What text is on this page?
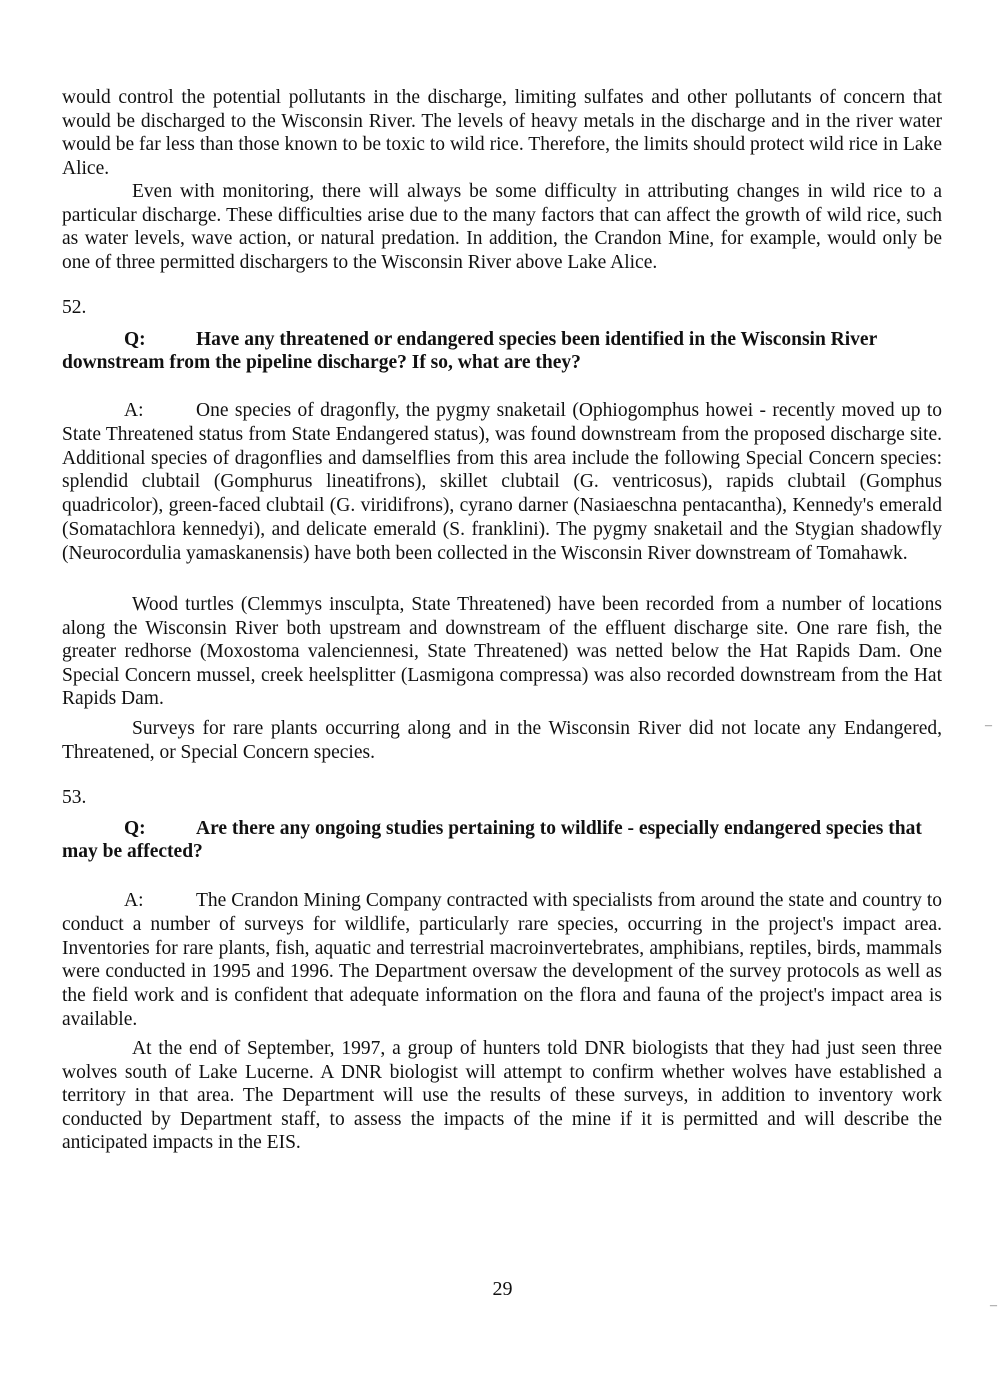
would control the potential pollutants in the discharge, limiting sulfates and other pollutants of concern that would be discharged to the Wisconsin River. The levels of heavy metals in the discharge and in the river water would be far less than those known to be toxic to wild rice. Therefore, the limits should protect wild rice in Lake Alice.

Even with monitoring, there will always be some difficulty in attributing changes in wild rice to a particular discharge. These difficulties arise due to the many factors that can affect the growth of wild rice, such as water levels, wave action, or natural predation. In addition, the Crandon Mine, for example, would only be one of three permitted dischargers to the Wisconsin River above Lake Alice.

52.

Q:	Have any threatened or endangered species been identified in the Wisconsin River downstream from the pipeline discharge? If so, what are they?
A:	One species of dragonfly, the pygmy snaketail (Ophiogomphus howei - recently moved up to State Threatened status from State Endangered status), was found downstream from the proposed discharge site. Additional species of dragonflies and damselflies from this area include the following Special Concern species: splendid clubtail (Gomphurus lineatifrons), skillet clubtail (G. ventricosus), rapids clubtail (Gomphus quadricolor), green-faced clubtail (G. viridifrons), cyrano darner (Nasiaeschna pentacantha), Kennedy's emerald (Somatachlora kennedyi), and delicate emerald (S. franklini). The pygmy snaketail and the Stygian shadowfly (Neurocordulia yamaskanensis) have both been collected in the Wisconsin River downstream of Tomahawk.

Wood turtles (Clemmys insculpta, State Threatened) have been recorded from a number of locations along the Wisconsin River both upstream and downstream of the effluent discharge site. One rare fish, the greater redhorse (Moxostoma valenciennesi, State Threatened) was netted below the Hat Rapids Dam. One Special Concern mussel, creek heelsplitter (Lasmigona compressa) was also recorded downstream from the Hat Rapids Dam.

Surveys for rare plants occurring along and in the Wisconsin River did not locate any Endangered, Threatened, or Special Concern species.

53.

Q:	Are there any ongoing studies pertaining to wildlife - especially endangered species that may be affected?
A:	The Crandon Mining Company contracted with specialists from around the state and country to conduct a number of surveys for wildlife, particularly rare species, occurring in the project's impact area. Inventories for rare plants, fish, aquatic and terrestrial macroinvertebrates, amphibians, reptiles, birds, mammals were conducted in 1995 and 1996. The Department oversaw the development of the survey protocols as well as the field work and is confident that adequate information on the flora and fauna of the project's impact area is available.

At the end of September, 1997, a group of hunters told DNR biologists that they had just seen three wolves south of Lake Lucerne. A DNR biologist will attempt to confirm whether wolves have established a territory in that area. The Department will use the results of these surveys, in addition to inventory work conducted by Department staff, to assess the impacts of the mine if it is permitted and will describe the anticipated impacts in the EIS.

29

–
–
